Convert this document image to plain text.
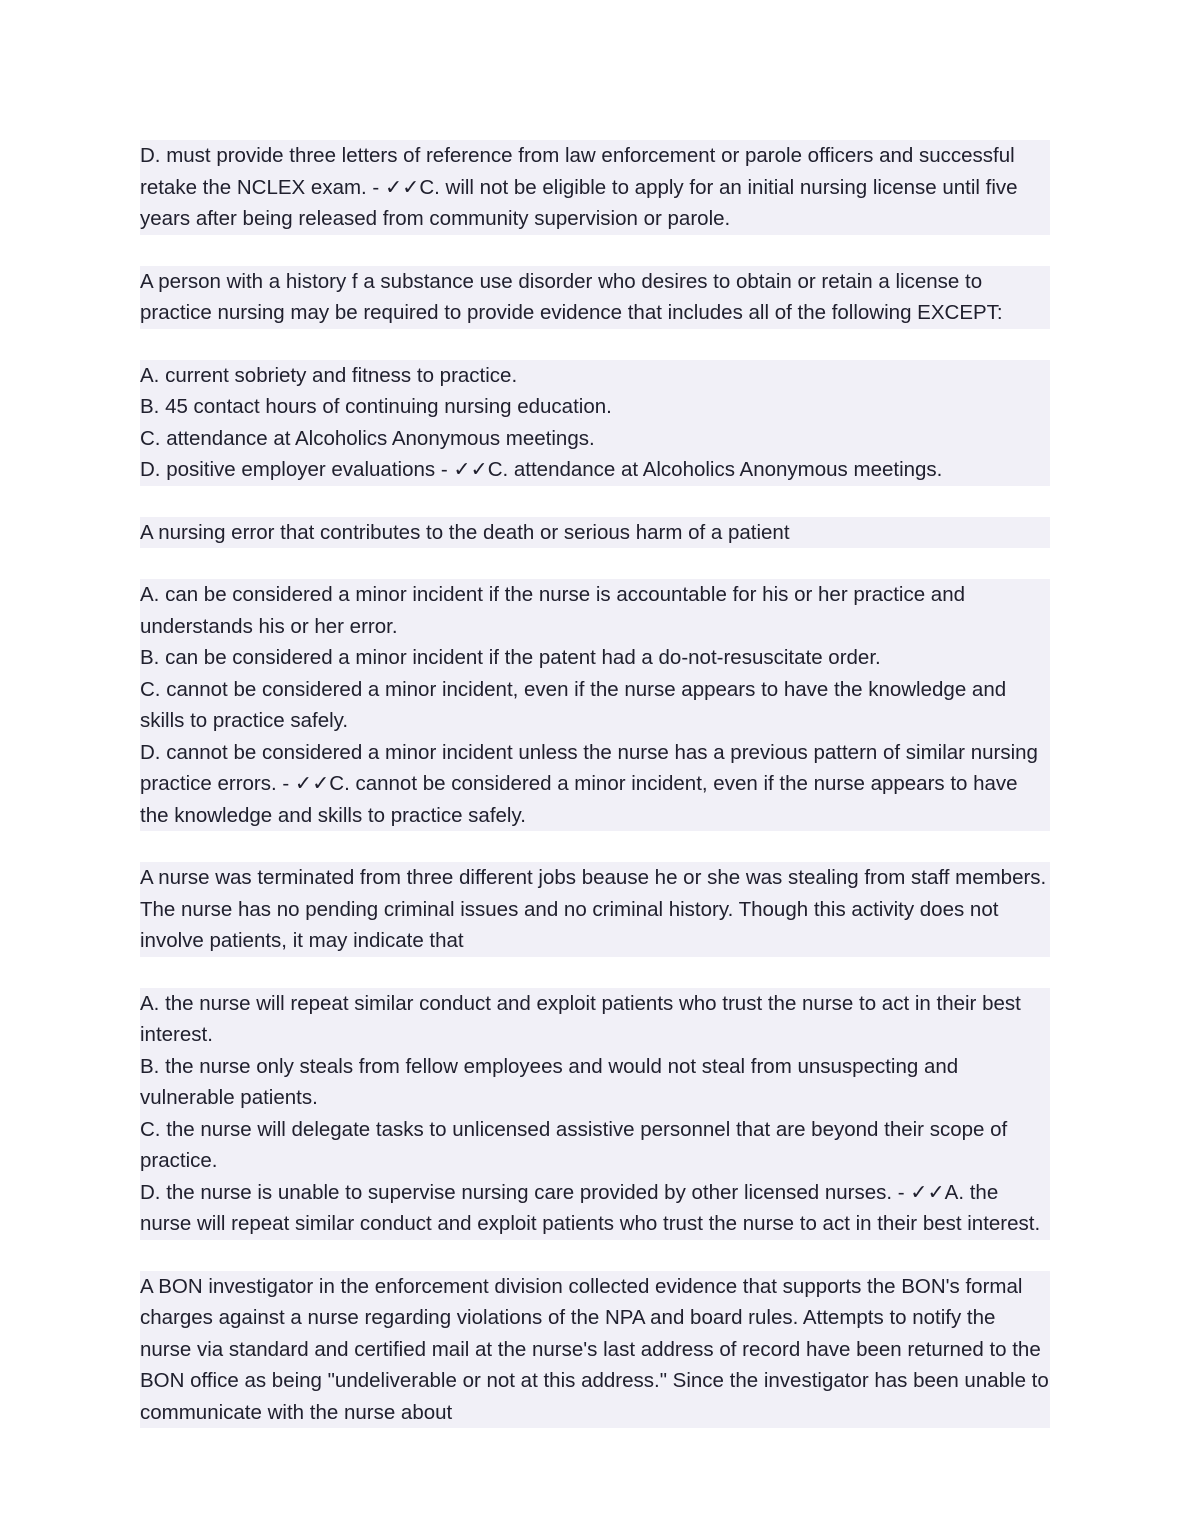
D. must provide three letters of reference from law enforcement or parole officers and successful retake the NCLEX exam. - ✓✓C. will not be eligible to apply for an initial nursing license until five years after being released from community supervision or parole.

A person with a history f a substance use disorder who desires to obtain or retain a license to practice nursing may be required to provide evidence that includes all of the following EXCEPT:

A. current sobriety and fitness to practice.
B. 45 contact hours of continuing nursing education.
C. attendance at Alcoholics Anonymous meetings.
D. positive employer evaluations - ✓✓C. attendance at Alcoholics Anonymous meetings.

A nursing error that contributes to the death or serious harm of a patient

A. can be considered a minor incident if the nurse is accountable for his or her practice and understands his or her error.
B. can be considered a minor incident if the patent had a do-not-resuscitate order.
C. cannot be considered a minor incident, even if the nurse appears to have the knowledge and skills to practice safely.
D. cannot be considered a minor incident unless the nurse has a previous pattern of similar nursing practice errors. - ✓✓C. cannot be considered a minor incident, even if the nurse appears to have the knowledge and skills to practice safely.

A nurse was terminated from three different jobs beause he or she was stealing from staff members. The nurse has no pending criminal issues and no criminal history. Though this activity does not involve patients, it may indicate that

A. the nurse will repeat similar conduct and exploit patients who trust the nurse to act in their best interest.
B. the nurse only steals from fellow employees and would not steal from unsuspecting and vulnerable patients.
C. the nurse will delegate tasks to unlicensed assistive personnel that are beyond their scope of practice.
D. the nurse is unable to supervise nursing care provided by other licensed nurses. - ✓✓A. the nurse will repeat similar conduct and exploit patients who trust the nurse to act in their best interest.

A BON investigator in the enforcement division collected evidence that supports the BON's formal charges against a nurse regarding violations of the NPA and board rules. Attempts to notify the nurse via standard and certified mail at the nurse's last address of record have been returned to the BON office as being "undeliverable or not at this address." Since the investigator has been unable to communicate with the nurse about
